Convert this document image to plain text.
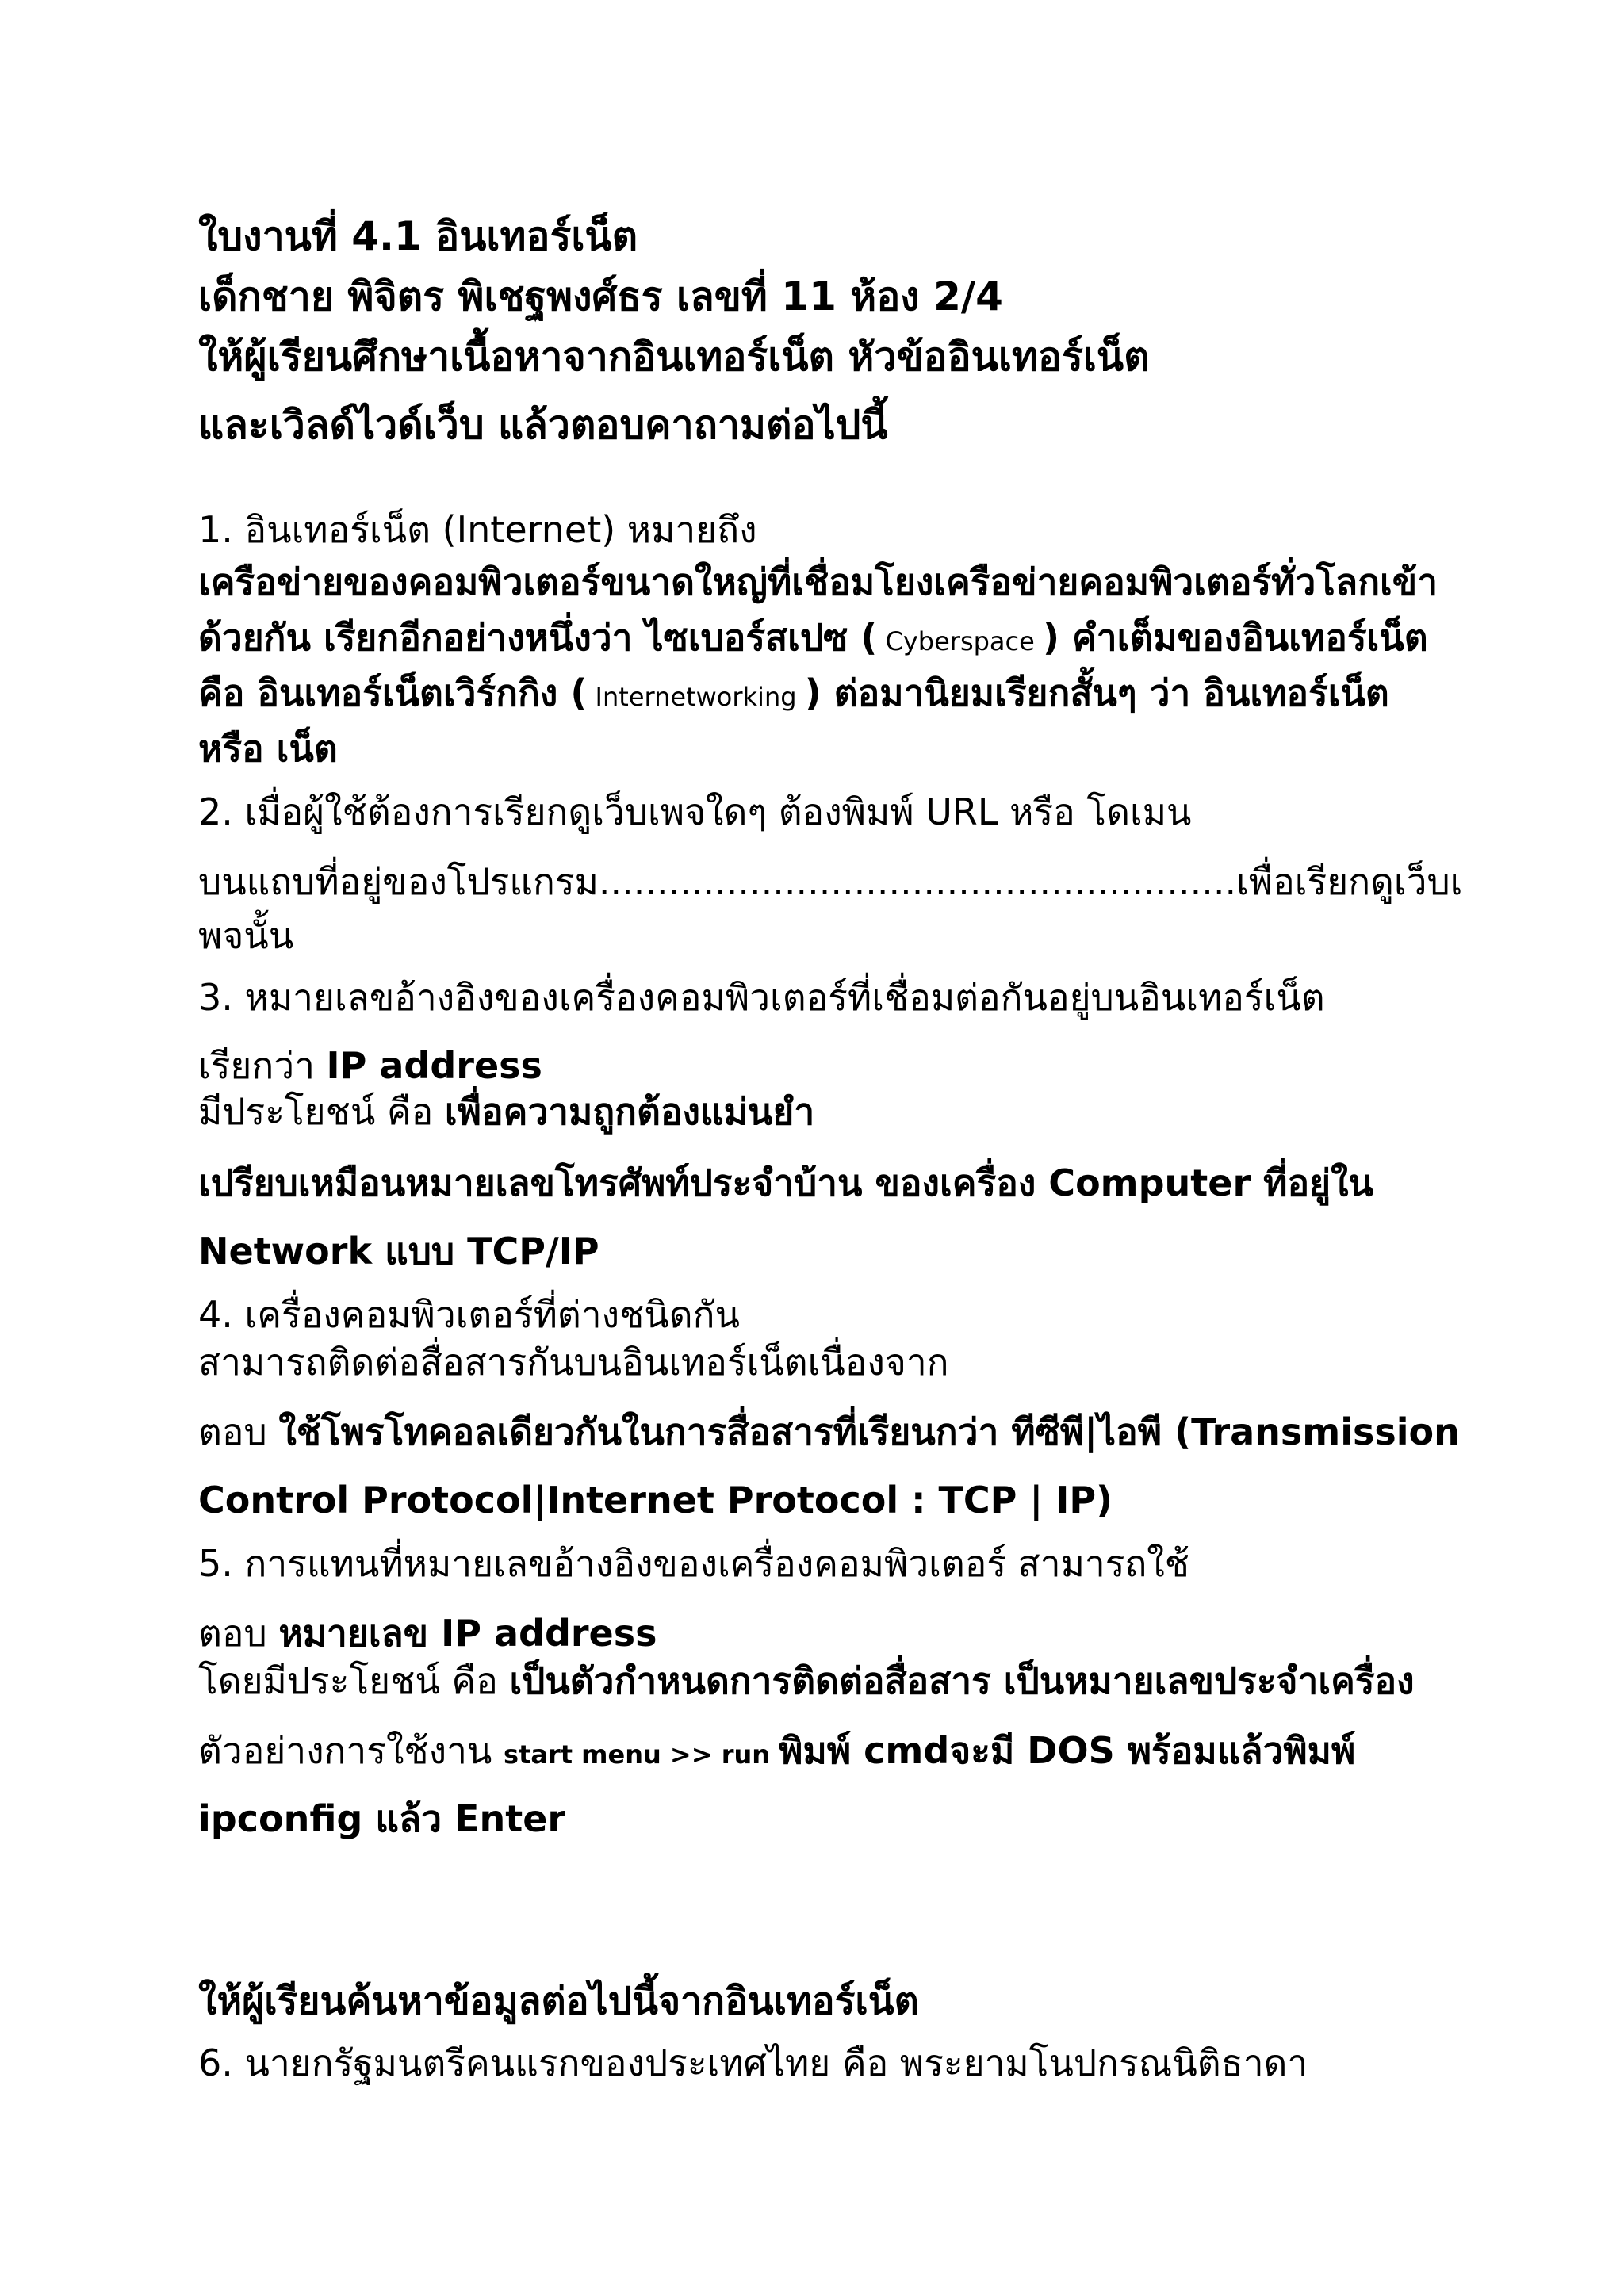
ใบงานที่ 4.1 อินเทอร์เน็ต
เด็กชาย พิจิตร พิเชฐพงศ์ธร เลขที่ 11 ห้อง 2/4
ให้ผู้เรียนศึกษาเนื้อหาจากอินเทอร์เน็ต หัวข้ออินเทอร์เน็ต
และเวิลด์ไวด์เว็บ แล้วตอบคาถามต่อไปนี้
1. อินเทอร์เน็ต (Internet) หมายถึง
เครือข่ายของคอมพิวเตอร์ขนาดใหญ่ที่เชื่อมโยงเครือข่ายคอมพิวเตอร์ทั่วโลกเข้า
ด้วยกัน เรียกอีกอย่างหนึ่งว่า ไซเบอร์สเปซ ( Cyberspace ) คำเต็มของอินเทอร์เน็ต
คือ อินเทอร์เน็ตเวิร์กกิง ( Internetworking ) ต่อมานิยมเรียกสั้นๆ ว่า อินเทอร์เน็ต
หรือ เน็ต
2. เมื่อผู้ใช้ต้องการเรียกดูเว็บเพจใดๆ ต้องพิมพ์ URL หรือ โดเมน
บนแถบที่อยู่ของโปรแกรม.......................................................เพื่อเรียกดูเว็บเ
พจนั้น
3. หมายเลขอ้างอิงของเครื่องคอมพิวเตอร์ที่เชื่อมต่อกันอยู่บนอินเทอร์เน็ต
เรียกว่า IP address
มีประโยชน์ คือ เพื่อความถูกต้องแม่นยำ
เปรียบเหมือนหมายเลขโทรศัพท์ประจำบ้าน ของเครื่อง Computer ที่อยู่ใน
Network แบบ TCP/IP
4. เครื่องคอมพิวเตอร์ที่ต่างชนิดกัน
สามารถติดต่อสื่อสารกันบนอินเทอร์เน็ตเนื่องจาก
ตอบ ใช้โพรโทคอลเดียวกันในการสื่อสารที่เรียนกว่า ทีซีพี|ไอพี (Transmission
Control Protocol|Internet Protocol : TCP | IP)
5. การแทนที่หมายเลขอ้างอิงของเครื่องคอมพิวเตอร์ สามารถใช้
ตอบ หมายเลข IP address
โดยมีประโยชน์ คือ เป็นตัวกำหนดการติดต่อสื่อสาร เป็นหมายเลขประจำเครื่อง
ตัวอย่างการใช้งาน start menu >> run พิมพ์ cmdจะมี DOS พร้อมแล้วพิมพ์
ipconfig แล้ว Enter
ให้ผู้เรียนค้นหาข้อมูลต่อไปนี้จากอินเทอร์เน็ต
6. นายกรัฐมนตรีคนแรกของประเทศไทย คือ พระยามโนปกรณนิติธาดา
